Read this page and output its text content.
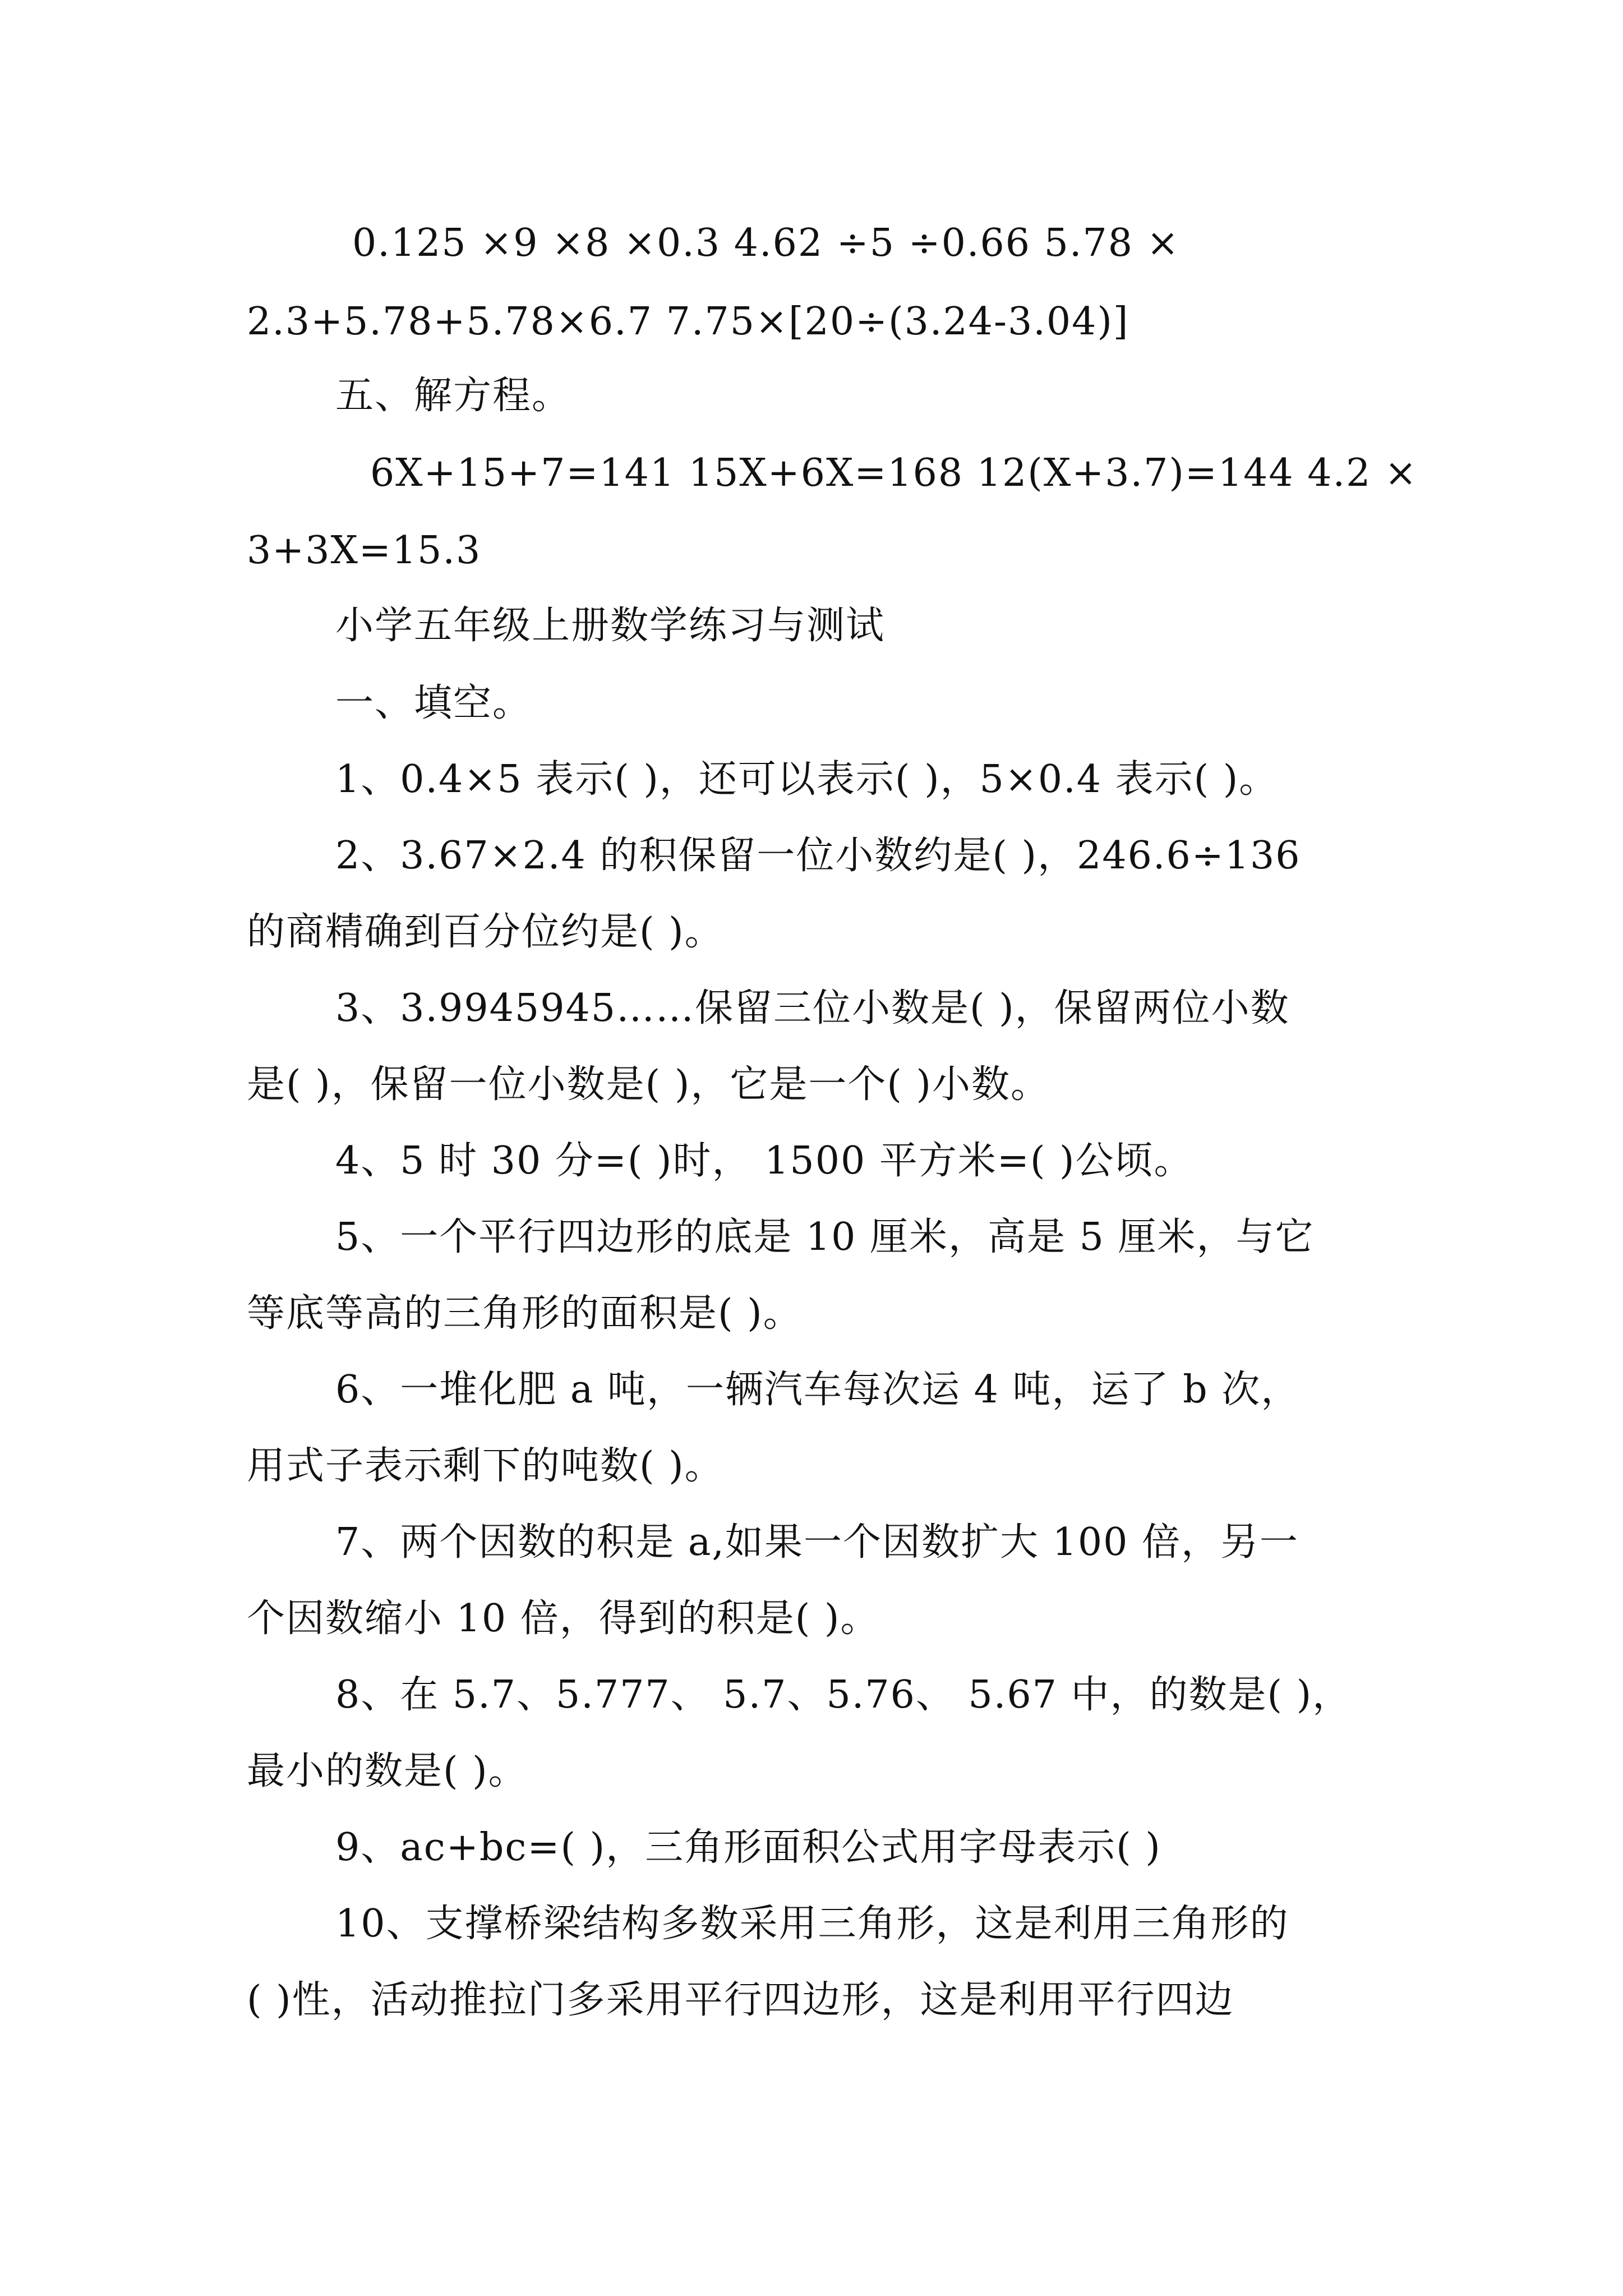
0.125 ×9 ×8 ×0.3 4.62 ÷5 ÷0.66 5.78 ×
2.3+5.78+5.78×6.7 7.75×[20÷(3.24-3.04)]
五、解方程。
6X+15+7=141 15X+6X=168 12(X+3.7)=144 4.2 ×
3+3X=15.3
小学五年级上册数学练习与测试
一、填空。
1、0.4×5 表示( )，还可以表示( )，5×0.4 表示( )。
2、3.67×2.4 的积保留一位小数约是( )，246.6÷136
的商精确到百分位约是( )。
3、3.9945945……保留三位小数是( )，保留两位小数
是( )，保留一位小数是( )，它是一个( )小数。
4、5 时 30 分=( )时， 1500 平方米=( )公顷。
5、一个平行四边形的底是 10 厘米，高是 5 厘米，与它
等底等高的三角形的面积是( )。
6、一堆化肥 a 吨，一辆汽车每次运 4 吨，运了 b 次，
用式子表示剩下的吨数( )。
7、两个因数的积是 a,如果一个因数扩大 100 倍，另一
个因数缩小 10 倍，得到的积是( )。
8、在 5.7、5.777、 5.7、5.76、 5.67 中，的数是( )，
最小的数是( )。
9、ac+bc=( )，三角形面积公式用字母表示( )
10、支撑桥梁结构多数采用三角形，这是利用三角形的
( )性，活动推拉门多采用平行四边形，这是利用平行四边
